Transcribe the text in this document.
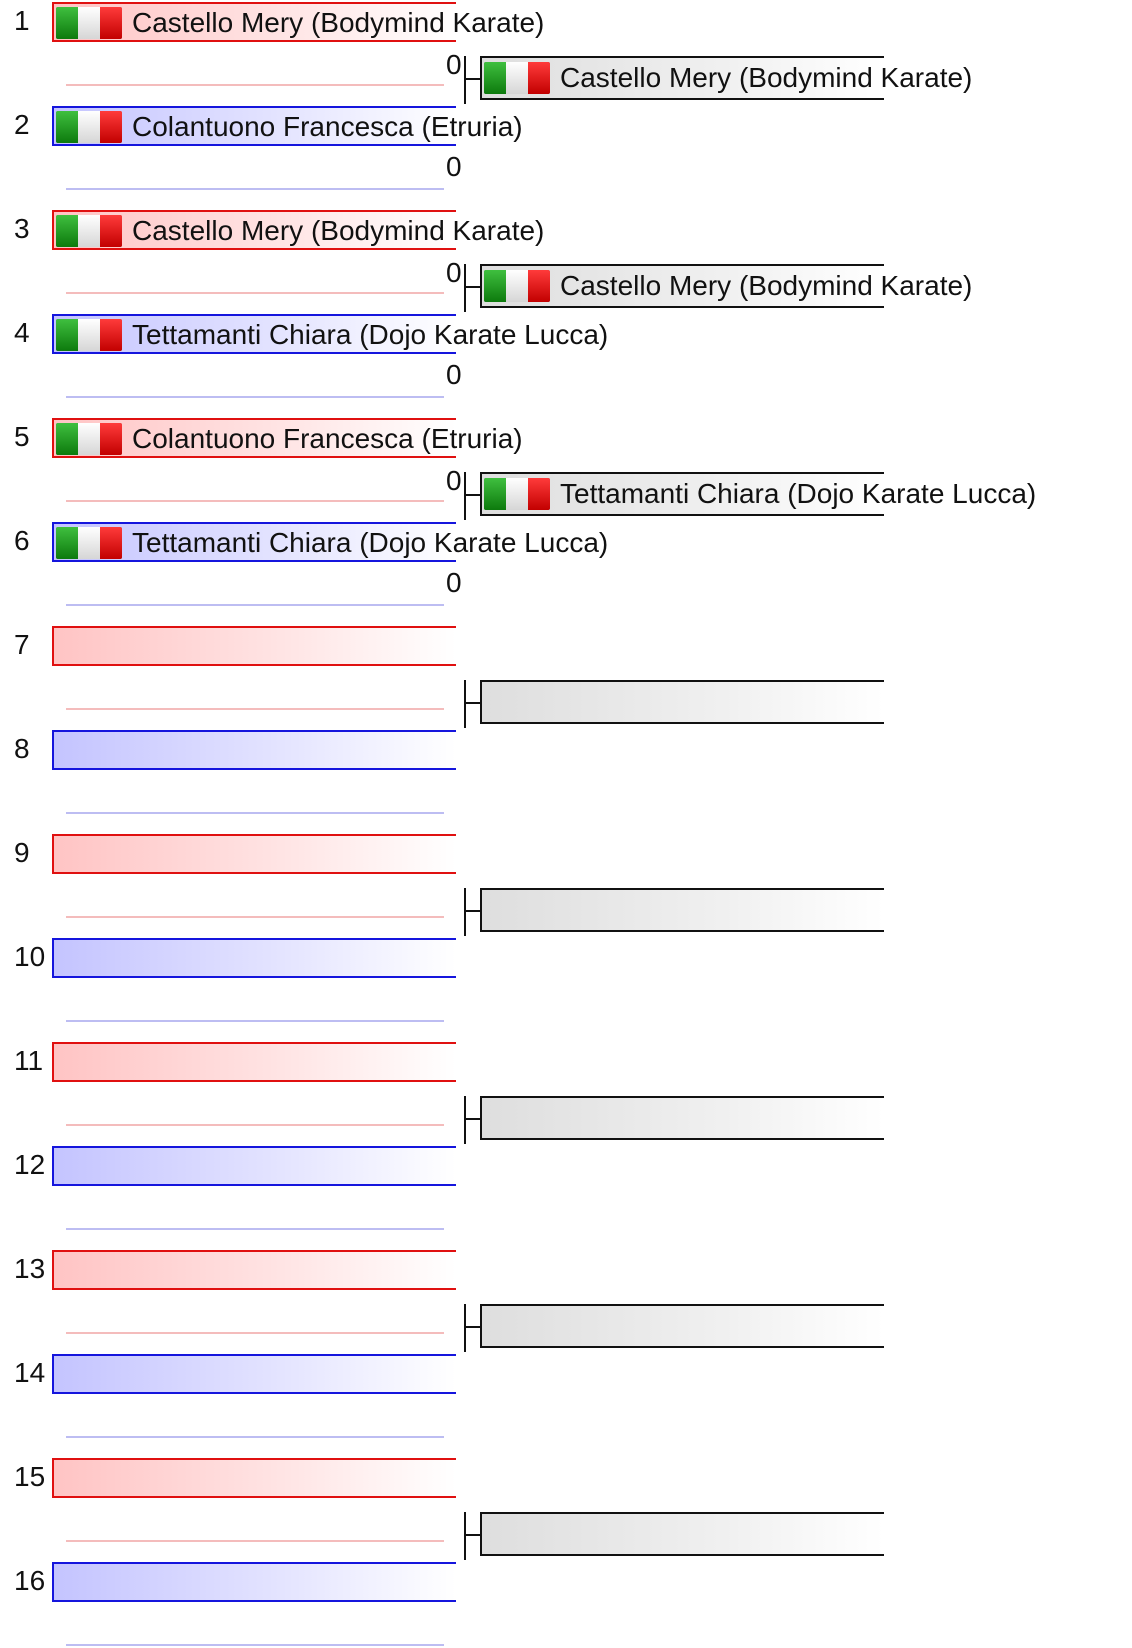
1	Castello Mery (Bodymind Karate)
2	Colantuono Francesca (Etruria)
0
0
Castello Mery (Bodymind Karate)
3	Castello Mery (Bodymind Karate)
4	Tettamanti Chiara (Dojo Karate Lucca)
0
0
Castello Mery (Bodymind Karate)
5	Colantuono Francesca (Etruria)
6	Tettamanti Chiara (Dojo Karate Lucca)
0
0
Tettamanti Chiara (Dojo Karate Lucca)
7
8
9
10
11
12
13
14
15
16
